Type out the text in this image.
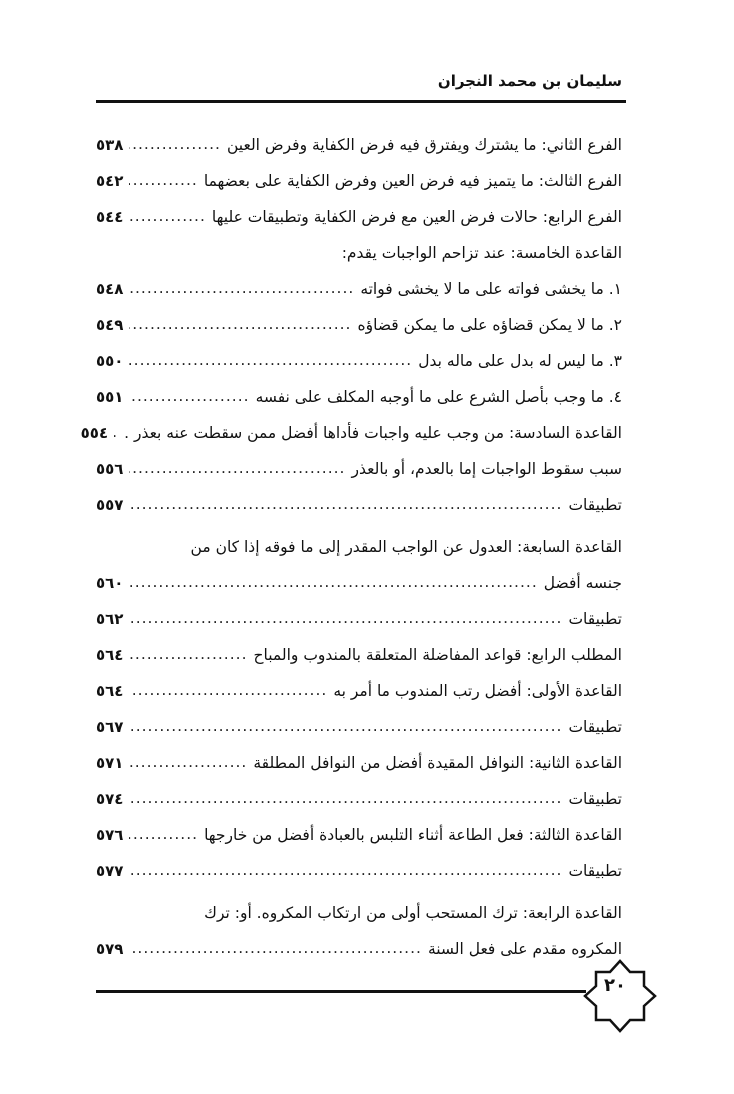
سليمان بن محمد النجران
الفرع الثاني: ما يشترك ويفترق فيه فرض الكفاية وفرض العين
.....
٥٣٨
الفرع الثالث: ما يتميز فيه فرض العين وفرض الكفاية على بعضهما
.....
٥٤٢
الفرع الرابع: حالات فرض العين مع فرض الكفاية وتطبيقات عليها
.....
٥٤٤
القاعدة الخامسة: عند تزاحم الواجبات يقدم:
١. ما يخشى فواته على ما لا يخشى فواته
.....
٥٤٨
٢. ما لا يمكن قضاؤه على ما يمكن قضاؤه
.....
٥٤٩
٣. ما ليس له بدل على ماله بدل
.....
٥٥٠
٤. ما وجب بأصل الشرع على ما أوجبه المكلف على نفسه
.....
٥٥١
القاعدة السادسة: من وجب عليه واجبات فأداها أفضل ممن سقطت عنه بعذر .
.....
٥٥٤
سبب سقوط الواجبات إما بالعدم، أو بالعذر
.....
٥٥٦
تطبيقات
.....
٥٥٧
القاعدة السابعة: العدول عن الواجب المقدر إلى ما فوقه إذا كان من
جنسه أفضل
.....
٥٦٠
تطبيقات
.....
٥٦٢
المطلب الرابع: قواعد المفاضلة المتعلقة بالمندوب والمباح
.....
٥٦٤
القاعدة الأولى: أفضل رتب المندوب ما أمر به
.....
٥٦٤
تطبيقات
.....
٥٦٧
القاعدة الثانية: النوافل المقيدة أفضل من النوافل المطلقة
.....
٥٧١
تطبيقات
.....
٥٧٤
القاعدة الثالثة: فعل الطاعة أثناء التلبس بالعبادة أفضل من خارجها
.....
٥٧٦
تطبيقات
.....
٥٧٧
القاعدة الرابعة: ترك المستحب أولى من ارتكاب المكروه. أو: ترك
المكروه مقدم على فعل السنة
.....
٥٧٩
٢٠
